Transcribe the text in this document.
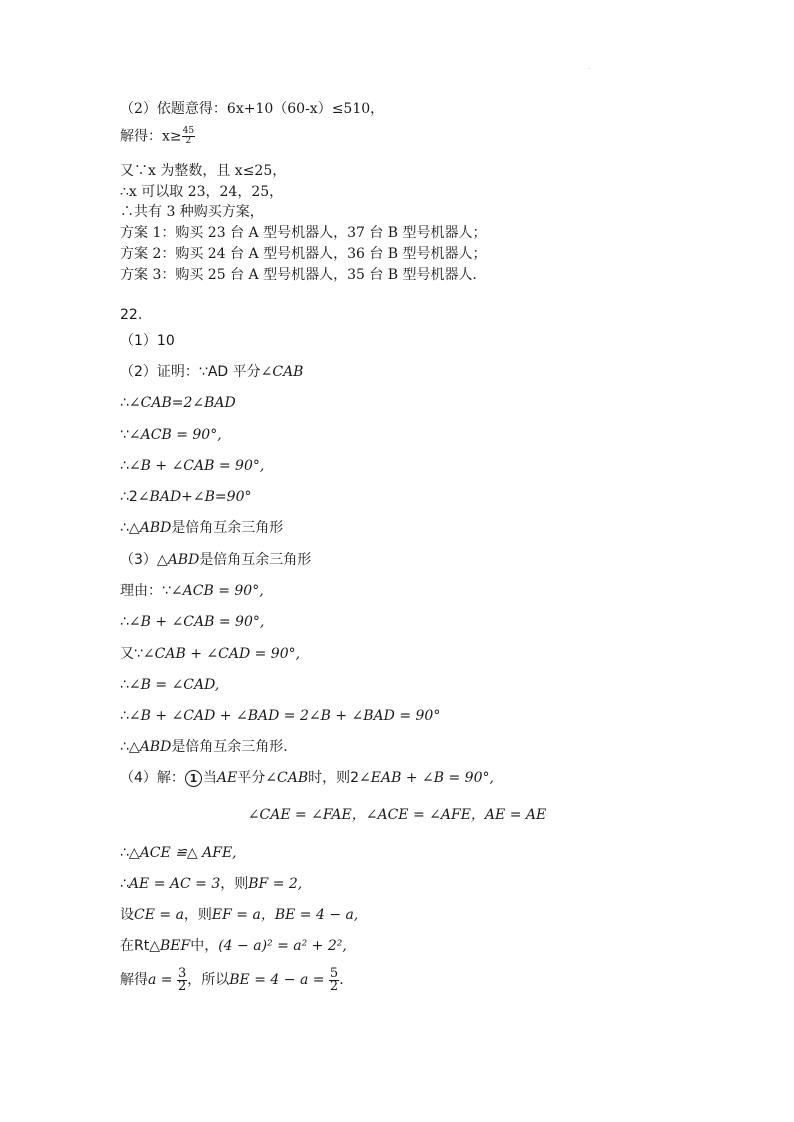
·
（2）依题意得：6x+10（60-x）≤510，
解得：$x\ge \frac{45}{2}$
又∵x 为整数，且 x≤25，
∴x 可以取 23，24，25，
∴共有 3 种购买方案，
方案 1：购买 23 台 A 型号机器人，37 台 B 型号机器人；
方案 2：购买 24 台 A 型号机器人，36 台 B 型号机器人；
方案 3：购买 25 台 A 型号机器人，35 台 B 型号机器人．
22.
（1）10
（2）证明：∵AD 平分∠CAB
∴∠CAB=2∠BAD
∵∠ACB = 90°,
∴∠B + ∠CAB = 90°,
∴2∠BAD+∠B=90°
∴△ABD是倍角互余三角形
（3）△ABD是倍角互余三角形
理由：∵∠ACB = 90°,
∴∠B + ∠CAB = 90°,
又∵∠CAB + ∠CAD = 90°,
∴∠B = ∠CAD,
∴∠B + ∠CAD + ∠BAD = 2∠B + ∠BAD = 90°
∴△ABD是倍角互余三角形.
（4）解： 1 当AE平分∠CAB时，则2∠EAB + ∠B = 90°,
∠CAE = ∠FAE，∠ACE = ∠AFE，AE = AE
∴△ACE ≌△ AFE,
∴AE = AC = 3，则BF = 2,
设CE = a，则EF = a，BE = 4 − a,
在Rt△BEF中，(4 − a)² = a² + 2²,
解得$a = \frac{3}{2}$ ，所以BE = $4 - a = \frac{5}{2}$ .
